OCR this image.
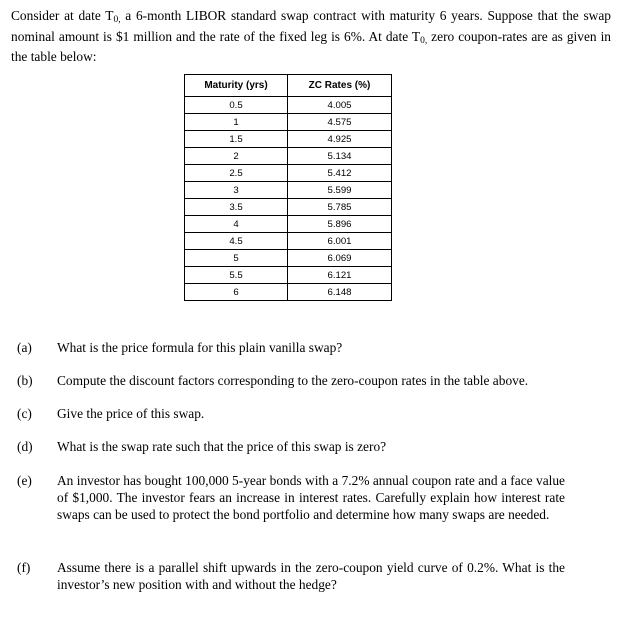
Consider at date $T_{0,}$ a 6-month LIBOR standard swap contract with maturity 6 years. Suppose that the swap nominal amount is $1 million and the rate of the fixed leg is 6%. At date $T_{0,}$ zero coupon-rates are as given in the table below:
Maturity (yrs)	ZC Rates (%)
0.5	4.005
1	4.575
1.5	4.925
2	5.134
2.5	5.412
3	5.599
3.5	5.785
4	5.896
4.5	6.001
5	6.069
5.5	6.121
6	6.148
(a) What is the price formula for this plain vanilla swap?
(b) Compute the discount factors corresponding to the zero-coupon rates in the table above.
(c) Give the price of this swap.
(d) What is the swap rate such that the price of this swap is zero?
(e) An investor has bought 100,000 5-year bonds with a 7.2% annual coupon rate and a face value of $1,000. The investor fears an increase in interest rates. Carefully explain how interest rate swaps can be used to protect the bond portfolio and determine how many swaps are needed.
(f) Assume there is a parallel shift upwards in the zero-coupon yield curve of 0.2%. What is the investor’s new position with and without the hedge?
